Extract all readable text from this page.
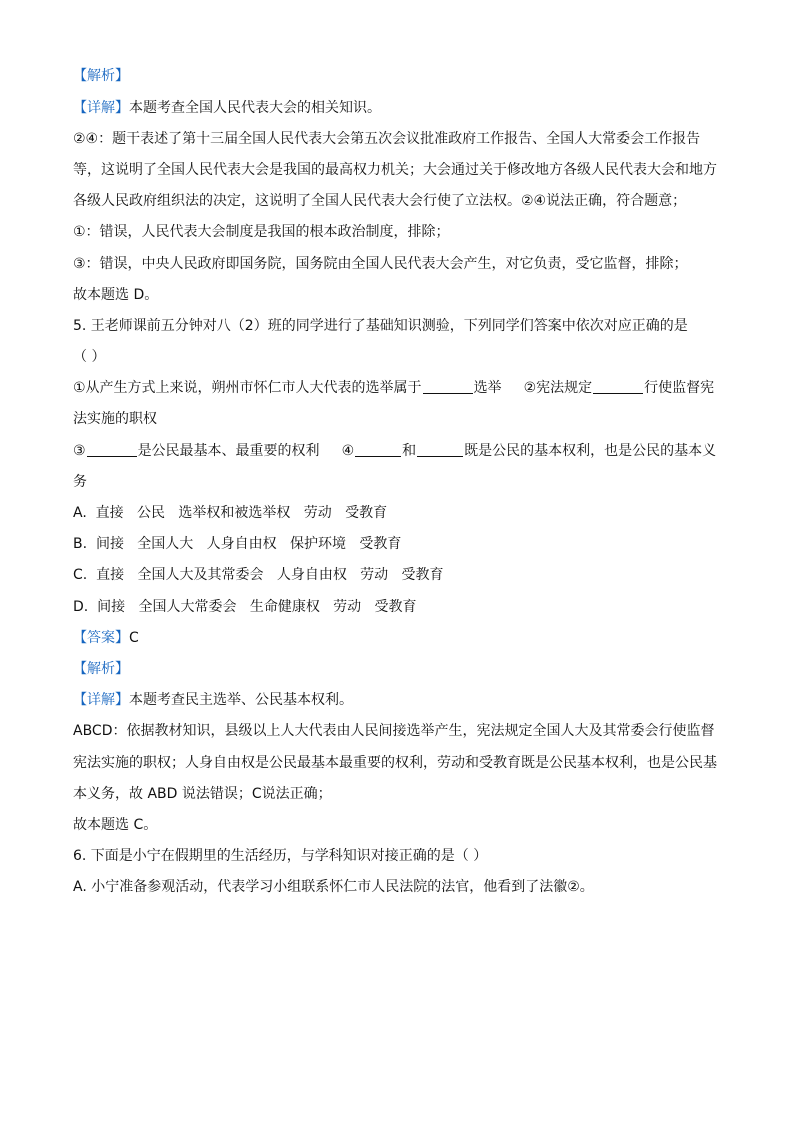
【解析】
【详解】本题考查全国人民代表大会的相关知识。
②④：题干表述了第十三届全国人民代表大会第五次会议批准政府工作报告、全国人大常委会工作报告
等，这说明了全国人民代表大会是我国的最高权力机关；大会通过关于修改地方各级人民代表大会和地方
各级人民政府组织法的决定，这说明了全国人民代表大会行使了立法权。②④说法正确，符合题意；
①：错误，人民代表大会制度是我国的根本政治制度，排除；
③：错误，中央人民政府即国务院，国务院由全国人民代表大会产生，对它负责，受它监督，排除；
故本题选 D。
5. 王老师课前五分钟对八（2）班的同学进行了基础知识测验，下列同学们答案中依次对应正确的是
（ ）
①从产生方式上来说，朔州市怀仁市人大代表的选举属于	选举 ②宪法规定	行使监督宪
法实施的职权
③	是公民最基本、最重要的权利 ④	和	既是公民的基本权利，也是公民的基本义
务
A.  直接   公民   选举权和被选举权   劳动   受教育
B.  间接   全国人大   人身自由权   保护环境   受教育
C.  直接   全国人大及其常委会   人身自由权   劳动   受教育
D.  间接   全国人大常委会   生命健康权   劳动   受教育
【答案】C
【解析】
【详解】本题考查民主选举、公民基本权利。
ABCD：依据教材知识，县级以上人大代表由人民间接选举产生，宪法规定全国人大及其常委会行使监督
宪法实施的职权；人身自由权是公民最基本最重要的权利，劳动和受教育既是公民基本权利，也是公民基
本义务，故 ABD 说法错误；C说法正确；
故本题选 C。
6. 下面是小宁在假期里的生活经历，与学科知识对接正确的是（ ）
A. 小宁准备参观活动，代表学习小组联系怀仁市人民法院的法官，他看到了法徽②。
